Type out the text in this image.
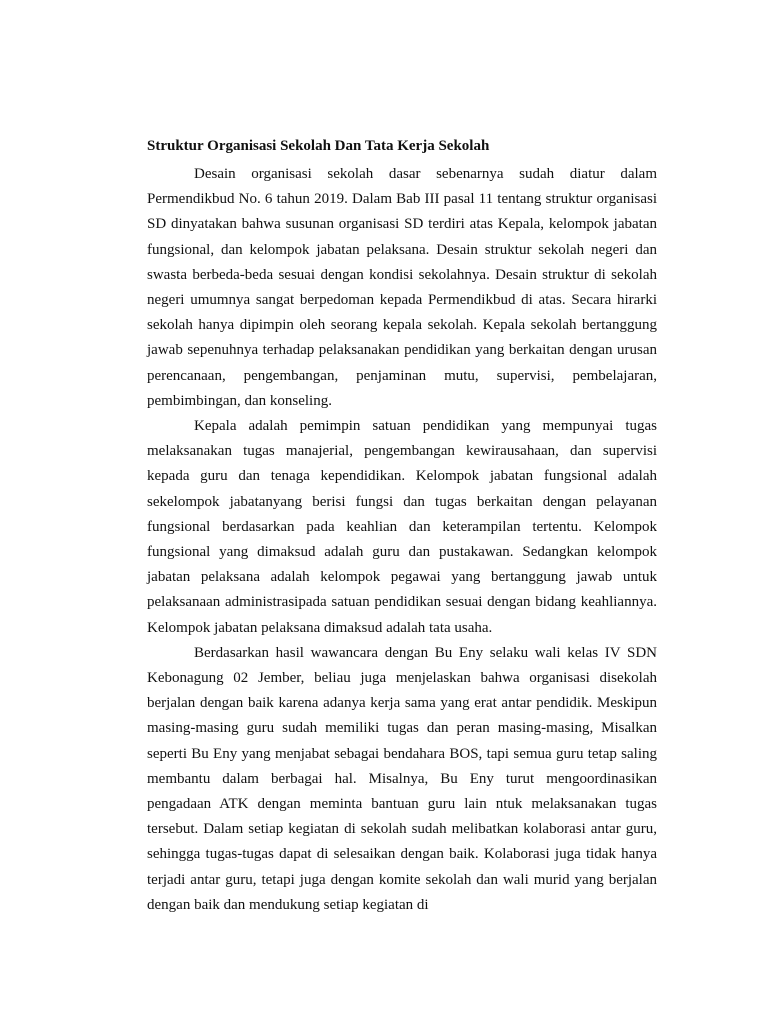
Struktur Organisasi Sekolah Dan Tata Kerja Sekolah

Desain organisasi sekolah dasar sebenarnya sudah diatur dalam Permendikbud No. 6 tahun 2019. Dalam Bab III pasal 11 tentang struktur organisasi SD dinyatakan bahwa susunan organisasi SD terdiri atas Kepala, kelompok jabatan fungsional, dan kelompok jabatan pelaksana. Desain struktur sekolah negeri dan swasta berbeda-beda sesuai dengan kondisi sekolahnya. Desain struktur di sekolah negeri umumnya sangat berpedoman kepada Permendikbud di atas. Secara hirarki sekolah hanya dipimpin oleh seorang kepala sekolah. Kepala sekolah bertanggung jawab sepenuhnya terhadap pelaksanakan pendidikan yang berkaitan dengan urusan perencanaan, pengembangan, penjaminan mutu, supervisi, pembelajaran, pembimbingan, dan konseling.

Kepala adalah pemimpin satuan pendidikan yang mempunyai tugas melaksanakan tugas manajerial, pengembangan kewirausahaan, dan supervisi kepada guru dan tenaga kependidikan. Kelompok jabatan fungsional adalah sekelompok jabatanyang berisi fungsi dan tugas berkaitan dengan pelayanan fungsional berdasarkan pada keahlian dan keterampilan tertentu. Kelompok fungsional yang dimaksud adalah guru dan pustakawan. Sedangkan kelompok jabatan pelaksana adalah kelompok pegawai yang bertanggung jawab untuk pelaksanaan administrasipada satuan pendidikan sesuai dengan bidang keahliannya. Kelompok jabatan pelaksana dimaksud adalah tata usaha.

Berdasarkan hasil wawancara dengan Bu Eny selaku wali kelas IV SDN Kebonagung 02 Jember, beliau juga menjelaskan bahwa organisasi disekolah berjalan dengan baik karena adanya kerja sama yang erat antar pendidik. Meskipun masing-masing guru sudah memiliki tugas dan peran masing-masing, Misalkan seperti Bu Eny yang menjabat sebagai bendahara BOS, tapi semua guru tetap saling membantu dalam berbagai hal. Misalnya, Bu Eny turut mengoordinasikan pengadaan ATK dengan meminta bantuan guru lain ntuk melaksanakan tugas tersebut. Dalam setiap kegiatan di sekolah sudah melibatkan kolaborasi antar guru, sehingga tugas-tugas dapat di selesaikan dengan baik. Kolaborasi juga tidak hanya terjadi antar guru, tetapi juga dengan komite sekolah dan wali murid yang berjalan dengan baik dan mendukung setiap kegiatan di
